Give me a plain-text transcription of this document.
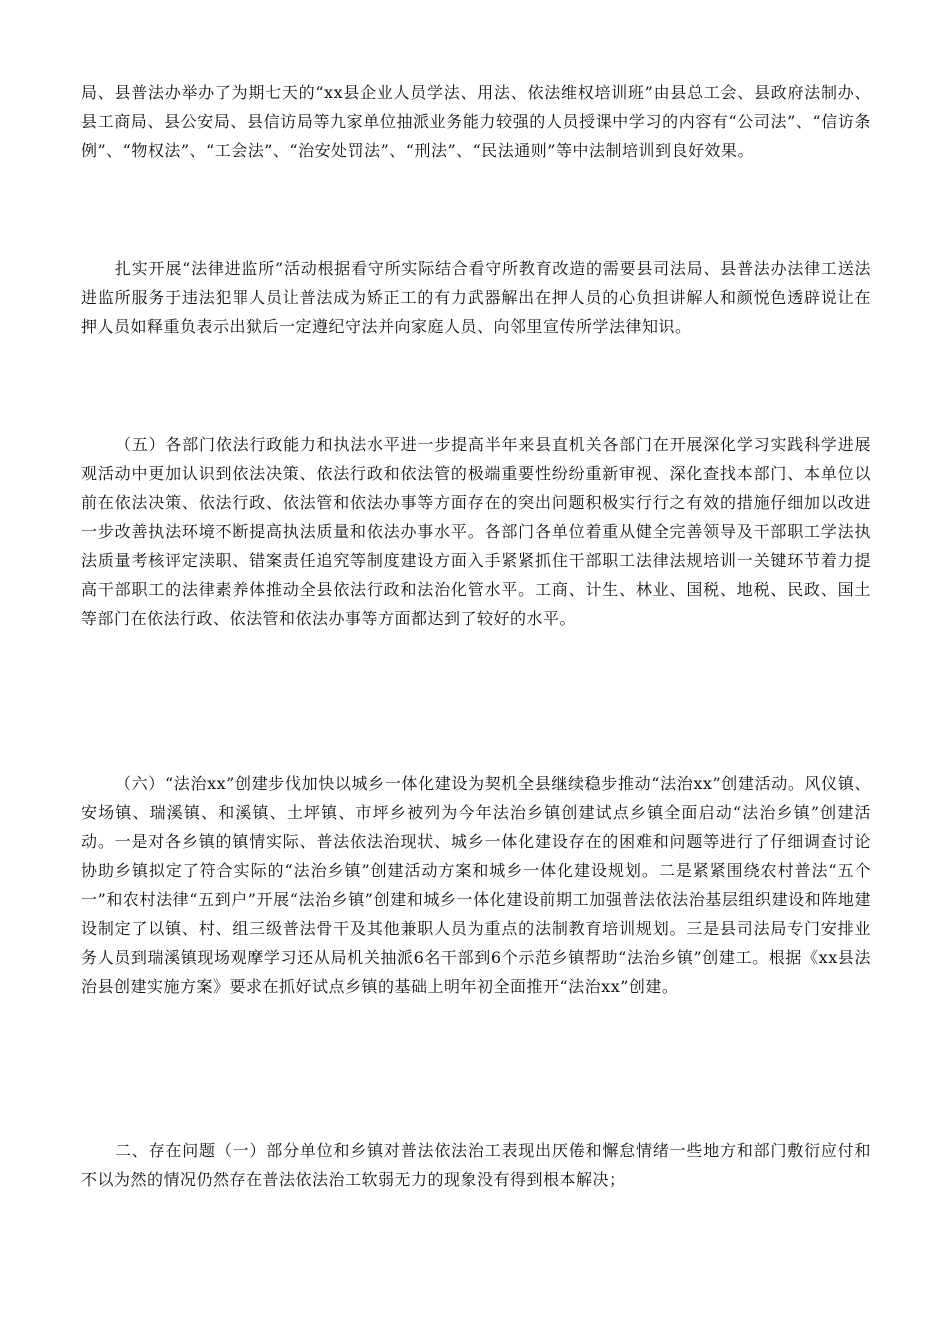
局、县普法办举办了为期七天的“xx县企业人员学法、用法、依法维权培训班”由县总工会、县政府法制办、县工商局、县公安局、县信访局等九家单位抽派业务能力较强的人员授课中学习的内容有“公司法”、“信访条例”、“物权法”、“工会法”、“治安处罚法”、“刑法”、“民法通则”等中法制培训到良好效果。

扎实开展“法律进监所”活动根据看守所实际结合看守所教育改造的需要县司法局、县普法办法律工送法进监所服务于违法犯罪人员让普法成为矫正工的有力武器解出在押人员的心负担讲解人和颜悦色透辟说让在押人员如释重负表示出狱后一定遵纪守法并向家庭人员、向邻里宣传所学法律知识。

（五）各部门依法行政能力和执法水平进一步提高半年来县直机关各部门在开展深化学习实践科学进展观活动中更加认识到依法决策、依法行政和依法管的极端重要性纷纷重新审视、深化查找本部门、本单位以前在依法决策、依法行政、依法管和依法办事等方面存在的突出问题积极实行行之有效的措施仔细加以改进一步改善执法环境不断提高执法质量和依法办事水平。各部门各单位着重从健全完善领导及干部职工学法执法质量考核评定渎职、错案责任追究等制度建设方面入手紧紧抓住干部职工法律法规培训一关键环节着力提高干部职工的法律素养体推动全县依法行政和法治化管水平。工商、计生、林业、国税、地税、民政、国土等部门在依法行政、依法管和依法办事等方面都达到了较好的水平。

（六）“法治xx”创建步伐加快以城乡一体化建设为契机全县继续稳步推动“法治xx”创建活动。风仪镇、安场镇、瑞溪镇、和溪镇、土坪镇、市坪乡被列为今年法治乡镇创建试点乡镇全面启动“法治乡镇”创建活动。一是对各乡镇的镇情实际、普法依法治现状、城乡一体化建设存在的困难和问题等进行了仔细调查讨论协助乡镇拟定了符合实际的“法治乡镇”创建活动方案和城乡一体化建设规划。二是紧紧围绕农村普法“五个一”和农村法律“五到户”开展“法治乡镇”创建和城乡一体化建设前期工加强普法依法治基层组织建设和阵地建设制定了以镇、村、组三级普法骨干及其他兼职人员为重点的法制教育培训规划。三是县司法局专门安排业务人员到瑞溪镇现场观摩学习还从局机关抽派6名干部到6个示范乡镇帮助“法治乡镇”创建工。根据《xx县法治县创建实施方案》要求在抓好试点乡镇的基础上明年初全面推开“法治xx”创建。

二、存在问题（一）部分单位和乡镇对普法依法治工表现出厌倦和懈怠情绪一些地方和部门敷衍应付和不以为然的情况仍然存在普法依法治工软弱无力的现象没有得到根本解决；
